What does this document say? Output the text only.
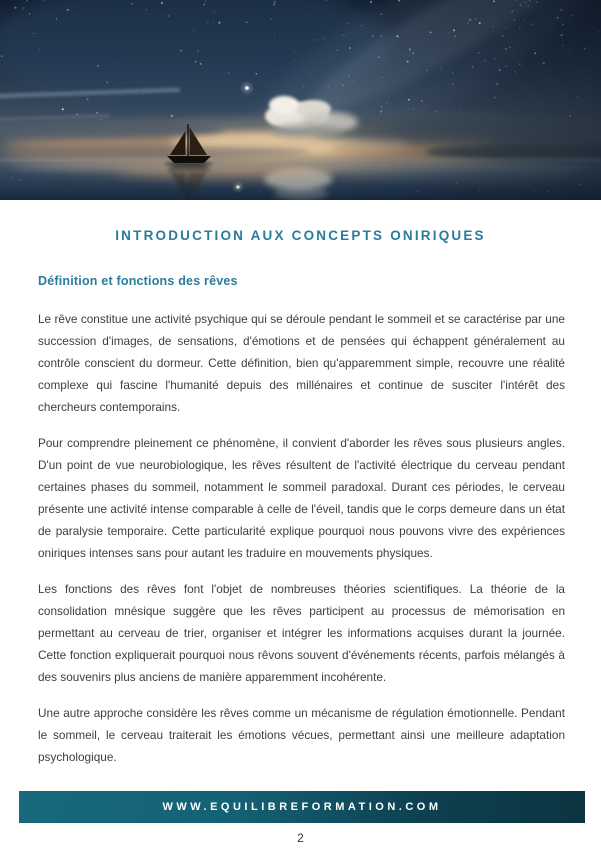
INTRODUCTION AUX CONCEPTS ONIRIQUES
Définition et fonctions des rêves

Le rêve constitue une activité psychique qui se déroule pendant le sommeil et se caractérise par une succession d'images, de sensations, d'émotions et de pensées qui échappent généralement au contrôle conscient du dormeur. Cette définition, bien qu'apparemment simple, recouvre une réalité complexe qui fascine l'humanité depuis des millénaires et continue de susciter l'intérêt des chercheurs contemporains.

Pour comprendre pleinement ce phénomène, il convient d'aborder les rêves sous plusieurs angles. D'un point de vue neurobiologique, les rêves résultent de l'activité électrique du cerveau pendant certaines phases du sommeil, notamment le sommeil paradoxal. Durant ces périodes, le cerveau présente une activité intense comparable à celle de l'éveil, tandis que le corps demeure dans un état de paralysie temporaire. Cette particularité explique pourquoi nous pouvons vivre des expériences oniriques intenses sans pour autant les traduire en mouvements physiques.

Les fonctions des rêves font l'objet de nombreuses théories scientifiques. La théorie de la consolidation mnésique suggère que les rêves participent au processus de mémorisation en permettant au cerveau de trier, organiser et intégrer les informations acquises durant la journée. Cette fonction expliquerait pourquoi nous rêvons souvent d'événements récents, parfois mélangés à des souvenirs plus anciens de manière apparemment incohérente.

Une autre approche considère les rêves comme un mécanisme de régulation émotionnelle. Pendant le sommeil, le cerveau traiterait les émotions vécues, permettant ainsi une meilleure adaptation psychologique.

WWW.EQUILIBREFORMATION.COM
2
